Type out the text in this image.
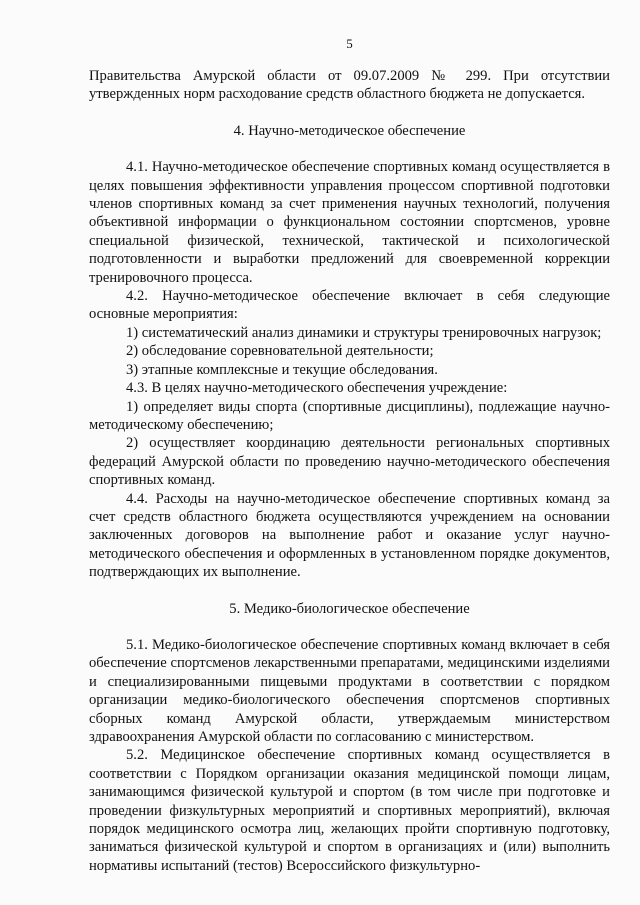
5

Правительства Амурской области от 09.07.2009 № 299. При отсутствии утвержденных норм расходование средств областного бюджета не допускается.

4. Научно-методическое обеспечение

4.1. Научно-методическое обеспечение спортивных команд осуществляется в целях повышения эффективности управления процессом спортивной подготовки членов спортивных команд за счет применения научных технологий, получения объективной информации о функциональном состоянии спортсменов, уровне специальной физической, технической, тактической и психологической подготовленности и выработки предложений для своевременной коррекции тренировочного процесса.

4.2. Научно-методическое обеспечение включает в себя следующие основные мероприятия:

1) систематический анализ динамики и структуры тренировочных нагрузок;

2) обследование соревновательной деятельности;

3) этапные комплексные и текущие обследования.

4.3. В целях научно-методического обеспечения учреждение:

1) определяет виды спорта (спортивные дисциплины), подлежащие научно-методическому обеспечению;

2) осуществляет координацию деятельности региональных спортивных федераций Амурской области по проведению научно-методического обеспечения спортивных команд.

4.4. Расходы на научно-методическое обеспечение спортивных команд за счет средств областного бюджета осуществляются учреждением на основании заключенных договоров на выполнение работ и оказание услуг научно-методического обеспечения и оформленных в установленном порядке документов, подтверждающих их выполнение.

5. Медико-биологическое обеспечение

5.1. Медико-биологическое обеспечение спортивных команд включает в себя обеспечение спортсменов лекарственными препаратами, медицинскими изделиями и специализированными пищевыми продуктами в соответствии с порядком организации медико-биологического обеспечения спортсменов спортивных сборных команд Амурской области, утверждаемым министерством здравоохранения Амурской области по согласованию с министерством.

5.2. Медицинское обеспечение спортивных команд осуществляется в соответствии с Порядком организации оказания медицинской помощи лицам, занимающимся физической культурой и спортом (в том числе при подготовке и проведении физкультурных мероприятий и спортивных мероприятий), включая порядок медицинского осмотра лиц, желающих пройти спортивную подготовку, заниматься физической культурой и спортом в организациях и (или) выполнить нормативы испытаний (тестов) Всероссийского физкультурно-
